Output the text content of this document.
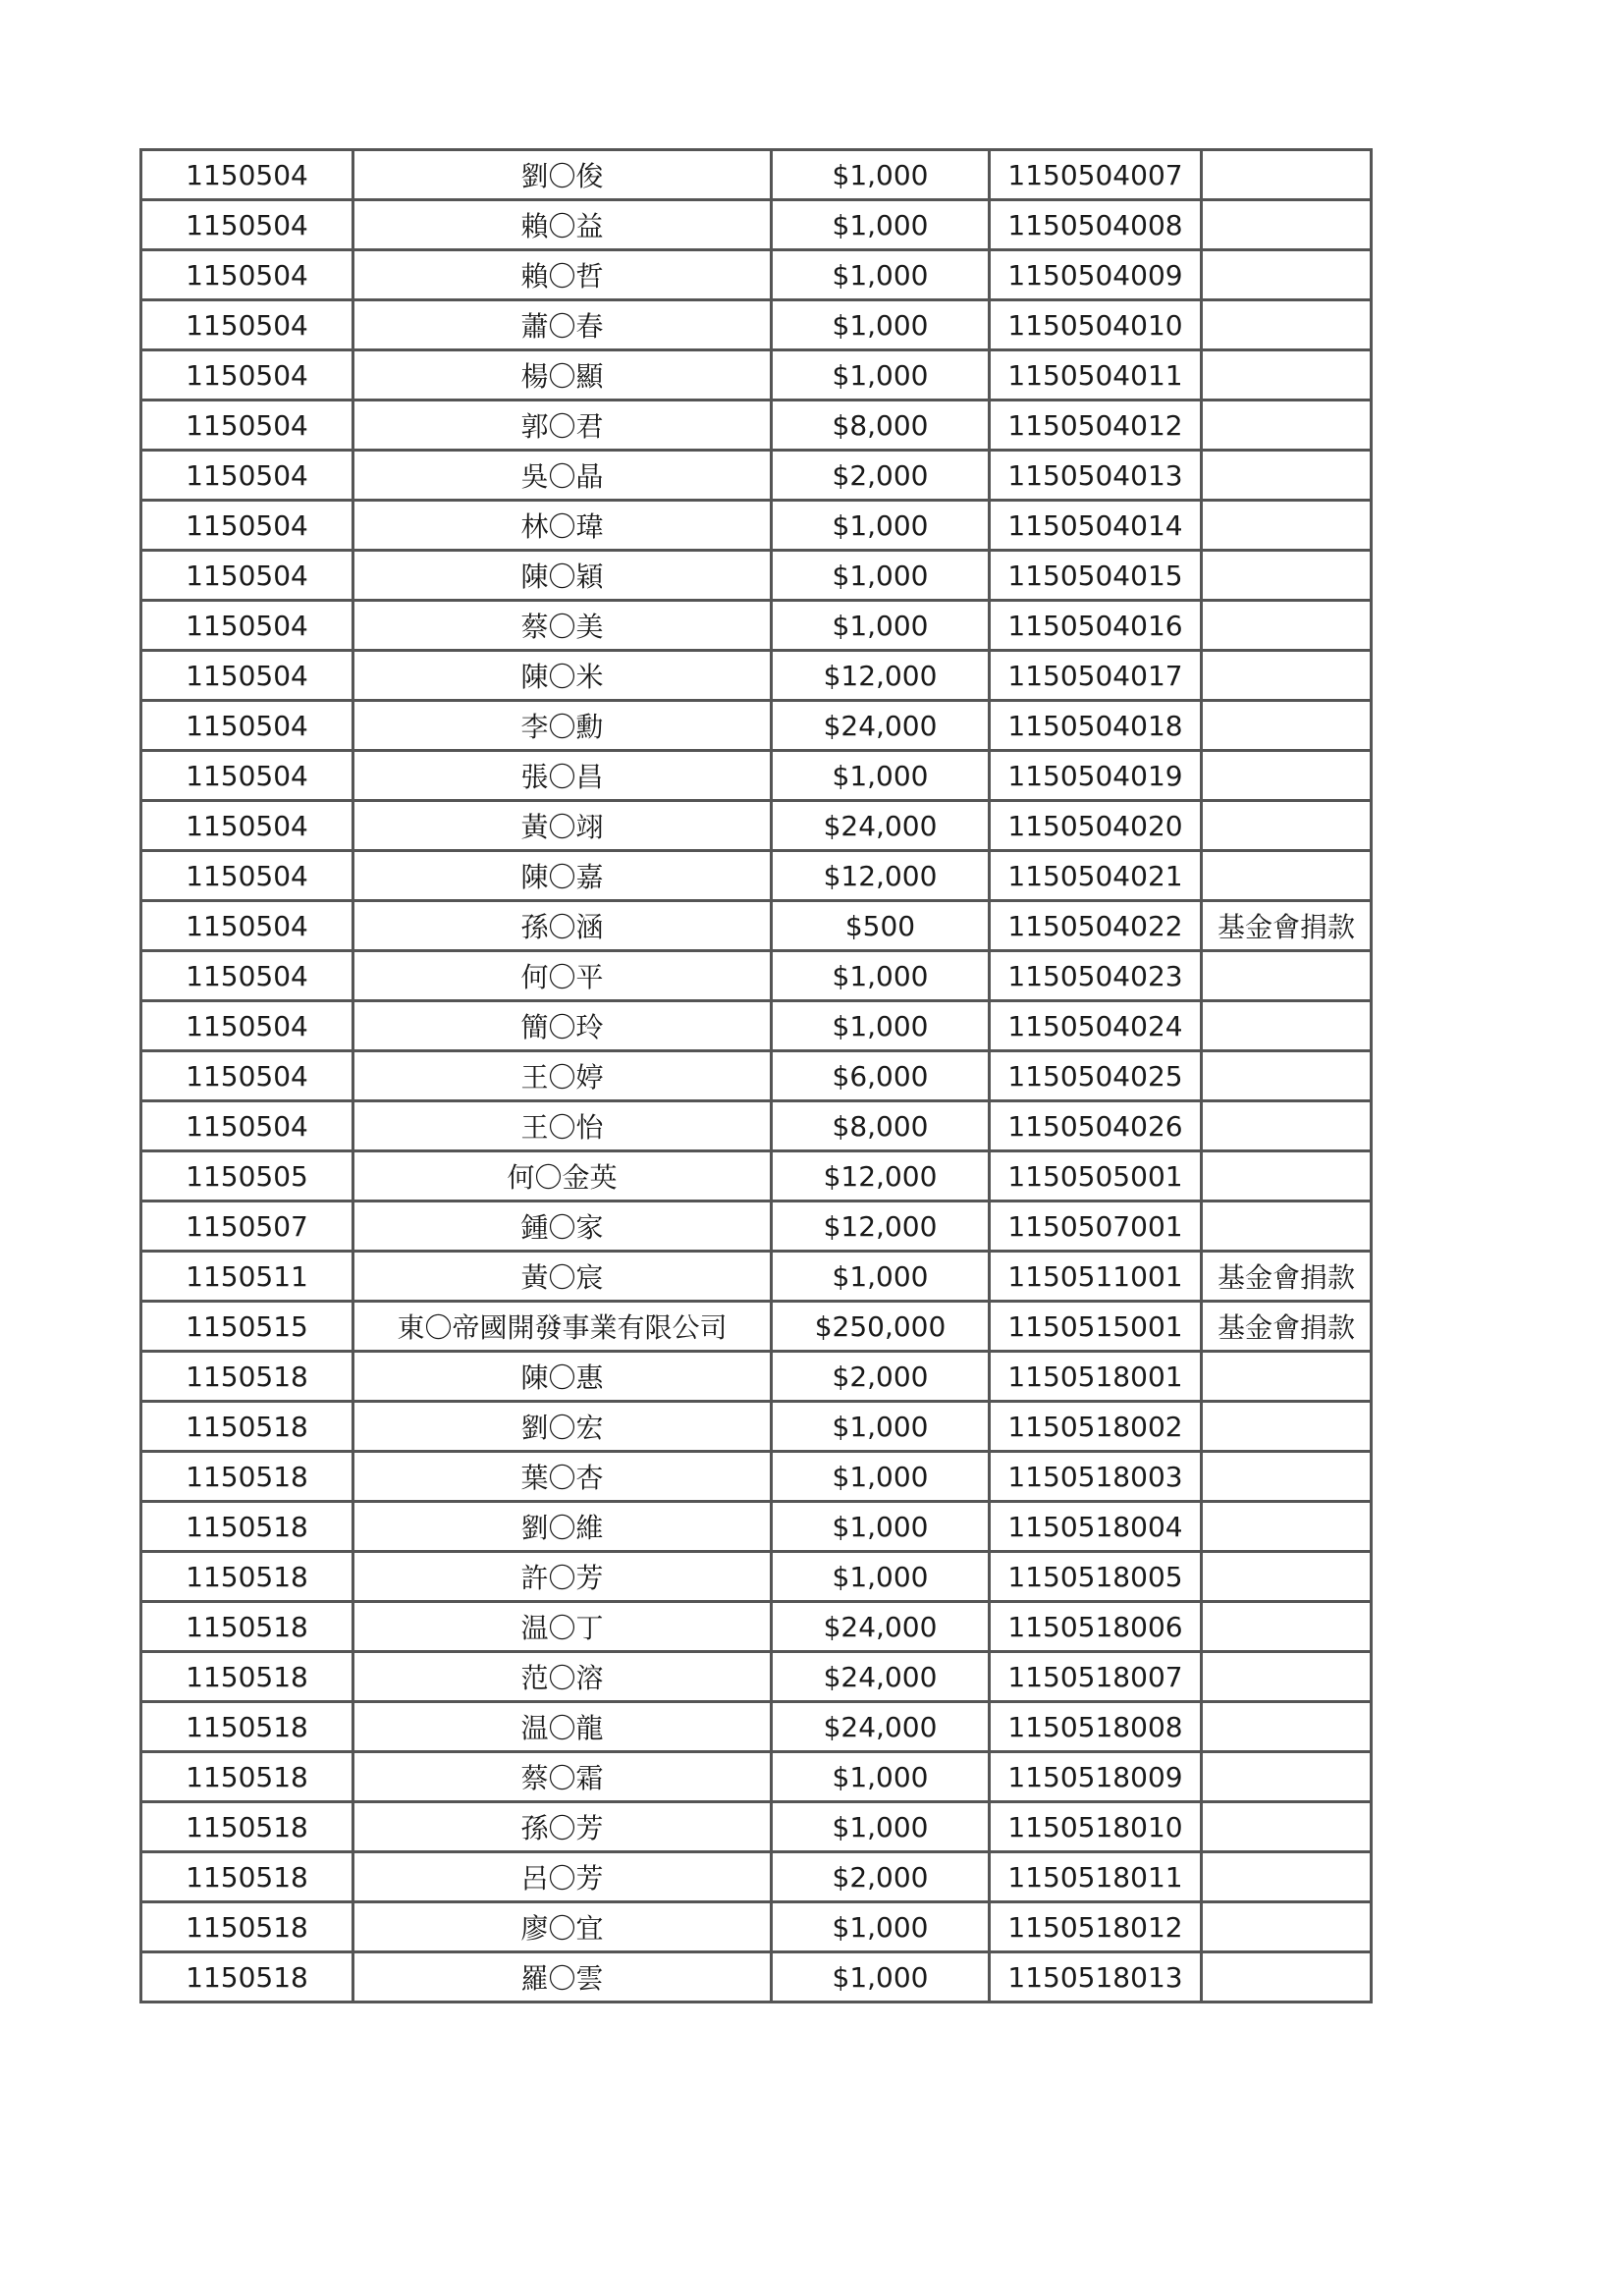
1150504	劉〇俊	$1,000	1150504007	
1150504	賴〇益	$1,000	1150504008	
1150504	賴〇哲	$1,000	1150504009	
1150504	蕭〇春	$1,000	1150504010	
1150504	楊〇顯	$1,000	1150504011	
1150504	郭〇君	$8,000	1150504012	
1150504	吳〇晶	$2,000	1150504013	
1150504	林〇瑋	$1,000	1150504014	
1150504	陳〇穎	$1,000	1150504015	
1150504	蔡〇美	$1,000	1150504016	
1150504	陳〇米	$12,000	1150504017	
1150504	李〇勳	$24,000	1150504018	
1150504	張〇昌	$1,000	1150504019	
1150504	黃〇翊	$24,000	1150504020	
1150504	陳〇嘉	$12,000	1150504021	
1150504	孫〇涵	$500	1150504022	基金會捐款
1150504	何〇平	$1,000	1150504023	
1150504	簡〇玲	$1,000	1150504024	
1150504	王〇婷	$6,000	1150504025	
1150504	王〇怡	$8,000	1150504026	
1150505	何〇金英	$12,000	1150505001	
1150507	鍾〇家	$12,000	1150507001	
1150511	黃〇宸	$1,000	1150511001	基金會捐款
1150515	東〇帝國開發事業有限公司	$250,000	1150515001	基金會捐款
1150518	陳〇惠	$2,000	1150518001	
1150518	劉〇宏	$1,000	1150518002	
1150518	葉〇杏	$1,000	1150518003	
1150518	劉〇維	$1,000	1150518004	
1150518	許〇芳	$1,000	1150518005	
1150518	温〇丁	$24,000	1150518006	
1150518	范〇溶	$24,000	1150518007	
1150518	温〇龍	$24,000	1150518008	
1150518	蔡〇霜	$1,000	1150518009	
1150518	孫〇芳	$1,000	1150518010	
1150518	呂〇芳	$2,000	1150518011	
1150518	廖〇宜	$1,000	1150518012	
1150518	羅〇雲	$1,000	1150518013	
